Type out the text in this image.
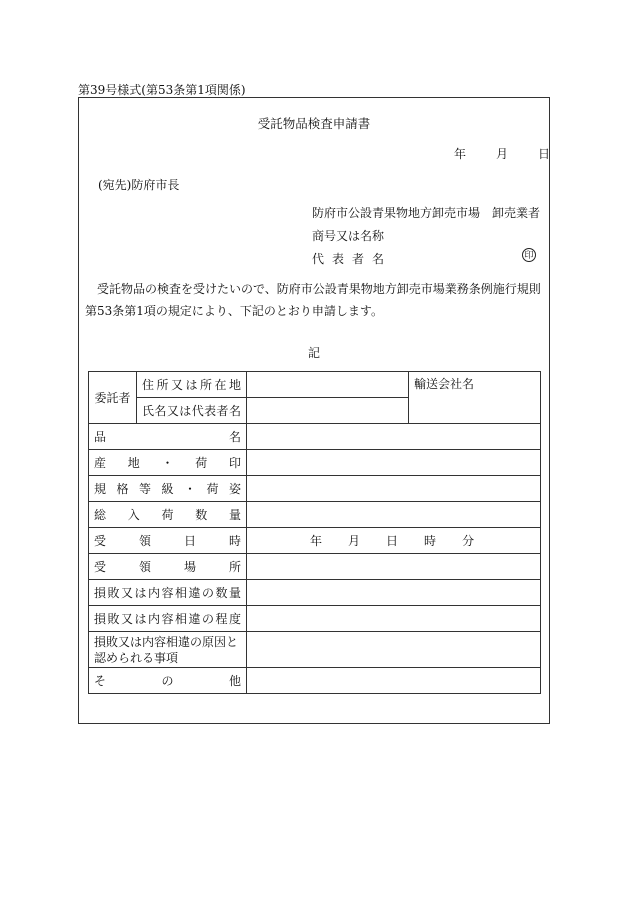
第39号様式(第53条第1項関係)
受託物品検査申請書
年	月	日
(宛先)防府市長
防府市公設青果物地方卸売市場　卸売業者
商号又は名称
代表者名	印
受託物品の検査を受けたいので、防府市公設青果物地方卸売市場業務条例施行規則第53条第1項の規定により、下記のとおり申請します。
記
委託者	住所又は所在地		輸送会社名
	氏名又は代表者名		
品名			
産地・荷印			
規格等級・荷姿			
総入荷数量			
受領日時		年 月 日 時 分	
受領場所			
損敗又は内容相違の数量			
損敗又は内容相違の程度			
損敗又は内容相違の原因と認められる事項			
その他			
